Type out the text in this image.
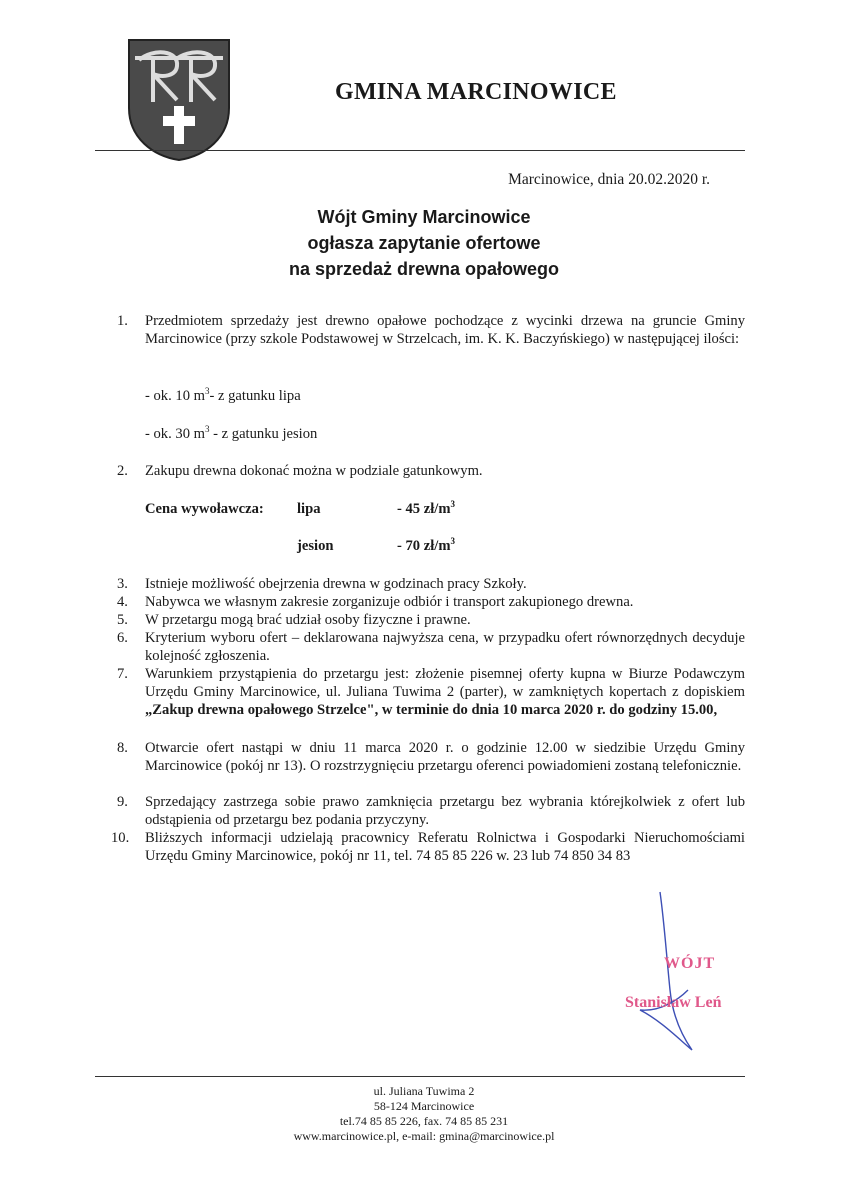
GMINA MARCINOWICE
Marcinowice, dnia 20.02.2020 r.
Wójt Gminy Marcinowice
ogłasza zapytanie ofertowe
na sprzedaż drewna opałowego
1. Przedmiotem sprzedaży jest drewno opałowe pochodzące z wycinki drzewa na gruncie Gminy Marcinowice (przy szkole Podstawowej w Strzelcach, im. K. K. Baczyńskiego) w następującej ilości:
- ok. 10 $m^3-$ z gatunku lipa
- ok. 30 $m^3$ - z gatunku jesion
2. Zakupu drewna dokonać można w podziale gatunkowym.
Cena wywoławcza: lipa	- 45 $zł/m^3$
jesion	- 70 $zł/m^3$
3. Istnieje możliwość obejrzenia drewna w godzinach pracy Szkoły.
4. Nabywca we własnym zakresie zorganizuje odbiór i transport zakupionego drewna.
5. W przetargu mogą brać udział osoby fizyczne i prawne.
6. Kryterium wyboru ofert – deklarowana najwyższa cena, w przypadku ofert równorzędnych decyduje kolejność zgłoszenia.
7. Warunkiem przystąpienia do przetargu jest: złożenie pisemnej oferty kupna w Biurze Podawczym Urzędu Gminy Marcinowice, ul. Juliana Tuwima 2 (parter), w zamkniętych kopertach z dopiskiem „Zakup drewna opałowego Strzelce", w terminie do dnia 10 marca 2020 r. do godziny 15.00,
8. Otwarcie ofert nastąpi w dniu 11 marca 2020 r. o godzinie 12.00 w siedzibie Urzędu Gminy Marcinowice (pokój nr 13). O rozstrzygnięciu przetargu oferenci powiadomieni zostaną telefonicznie.
9. Sprzedający zastrzega sobie prawo zamknięcia przetargu bez wybrania którejkolwiek z ofert lub odstąpienia od przetargu bez podania przyczyny.
10. Bliższych informacji udzielają pracownicy Referatu Rolnictwa i Gospodarki Nieruchomościami Urzędu Gminy Marcinowice, pokój nr 11, tel. 74 85 85 226 w. 23 lub 74 850 34 83
WÓJT
Stanisław Leń
ul. Juliana Tuwima 2
58-124 Marcinowice
tel.74 85 85 226, fax. 74 85 85 231
www.marcinowice.pl, e-mail: gmina@marcinowice.pl
